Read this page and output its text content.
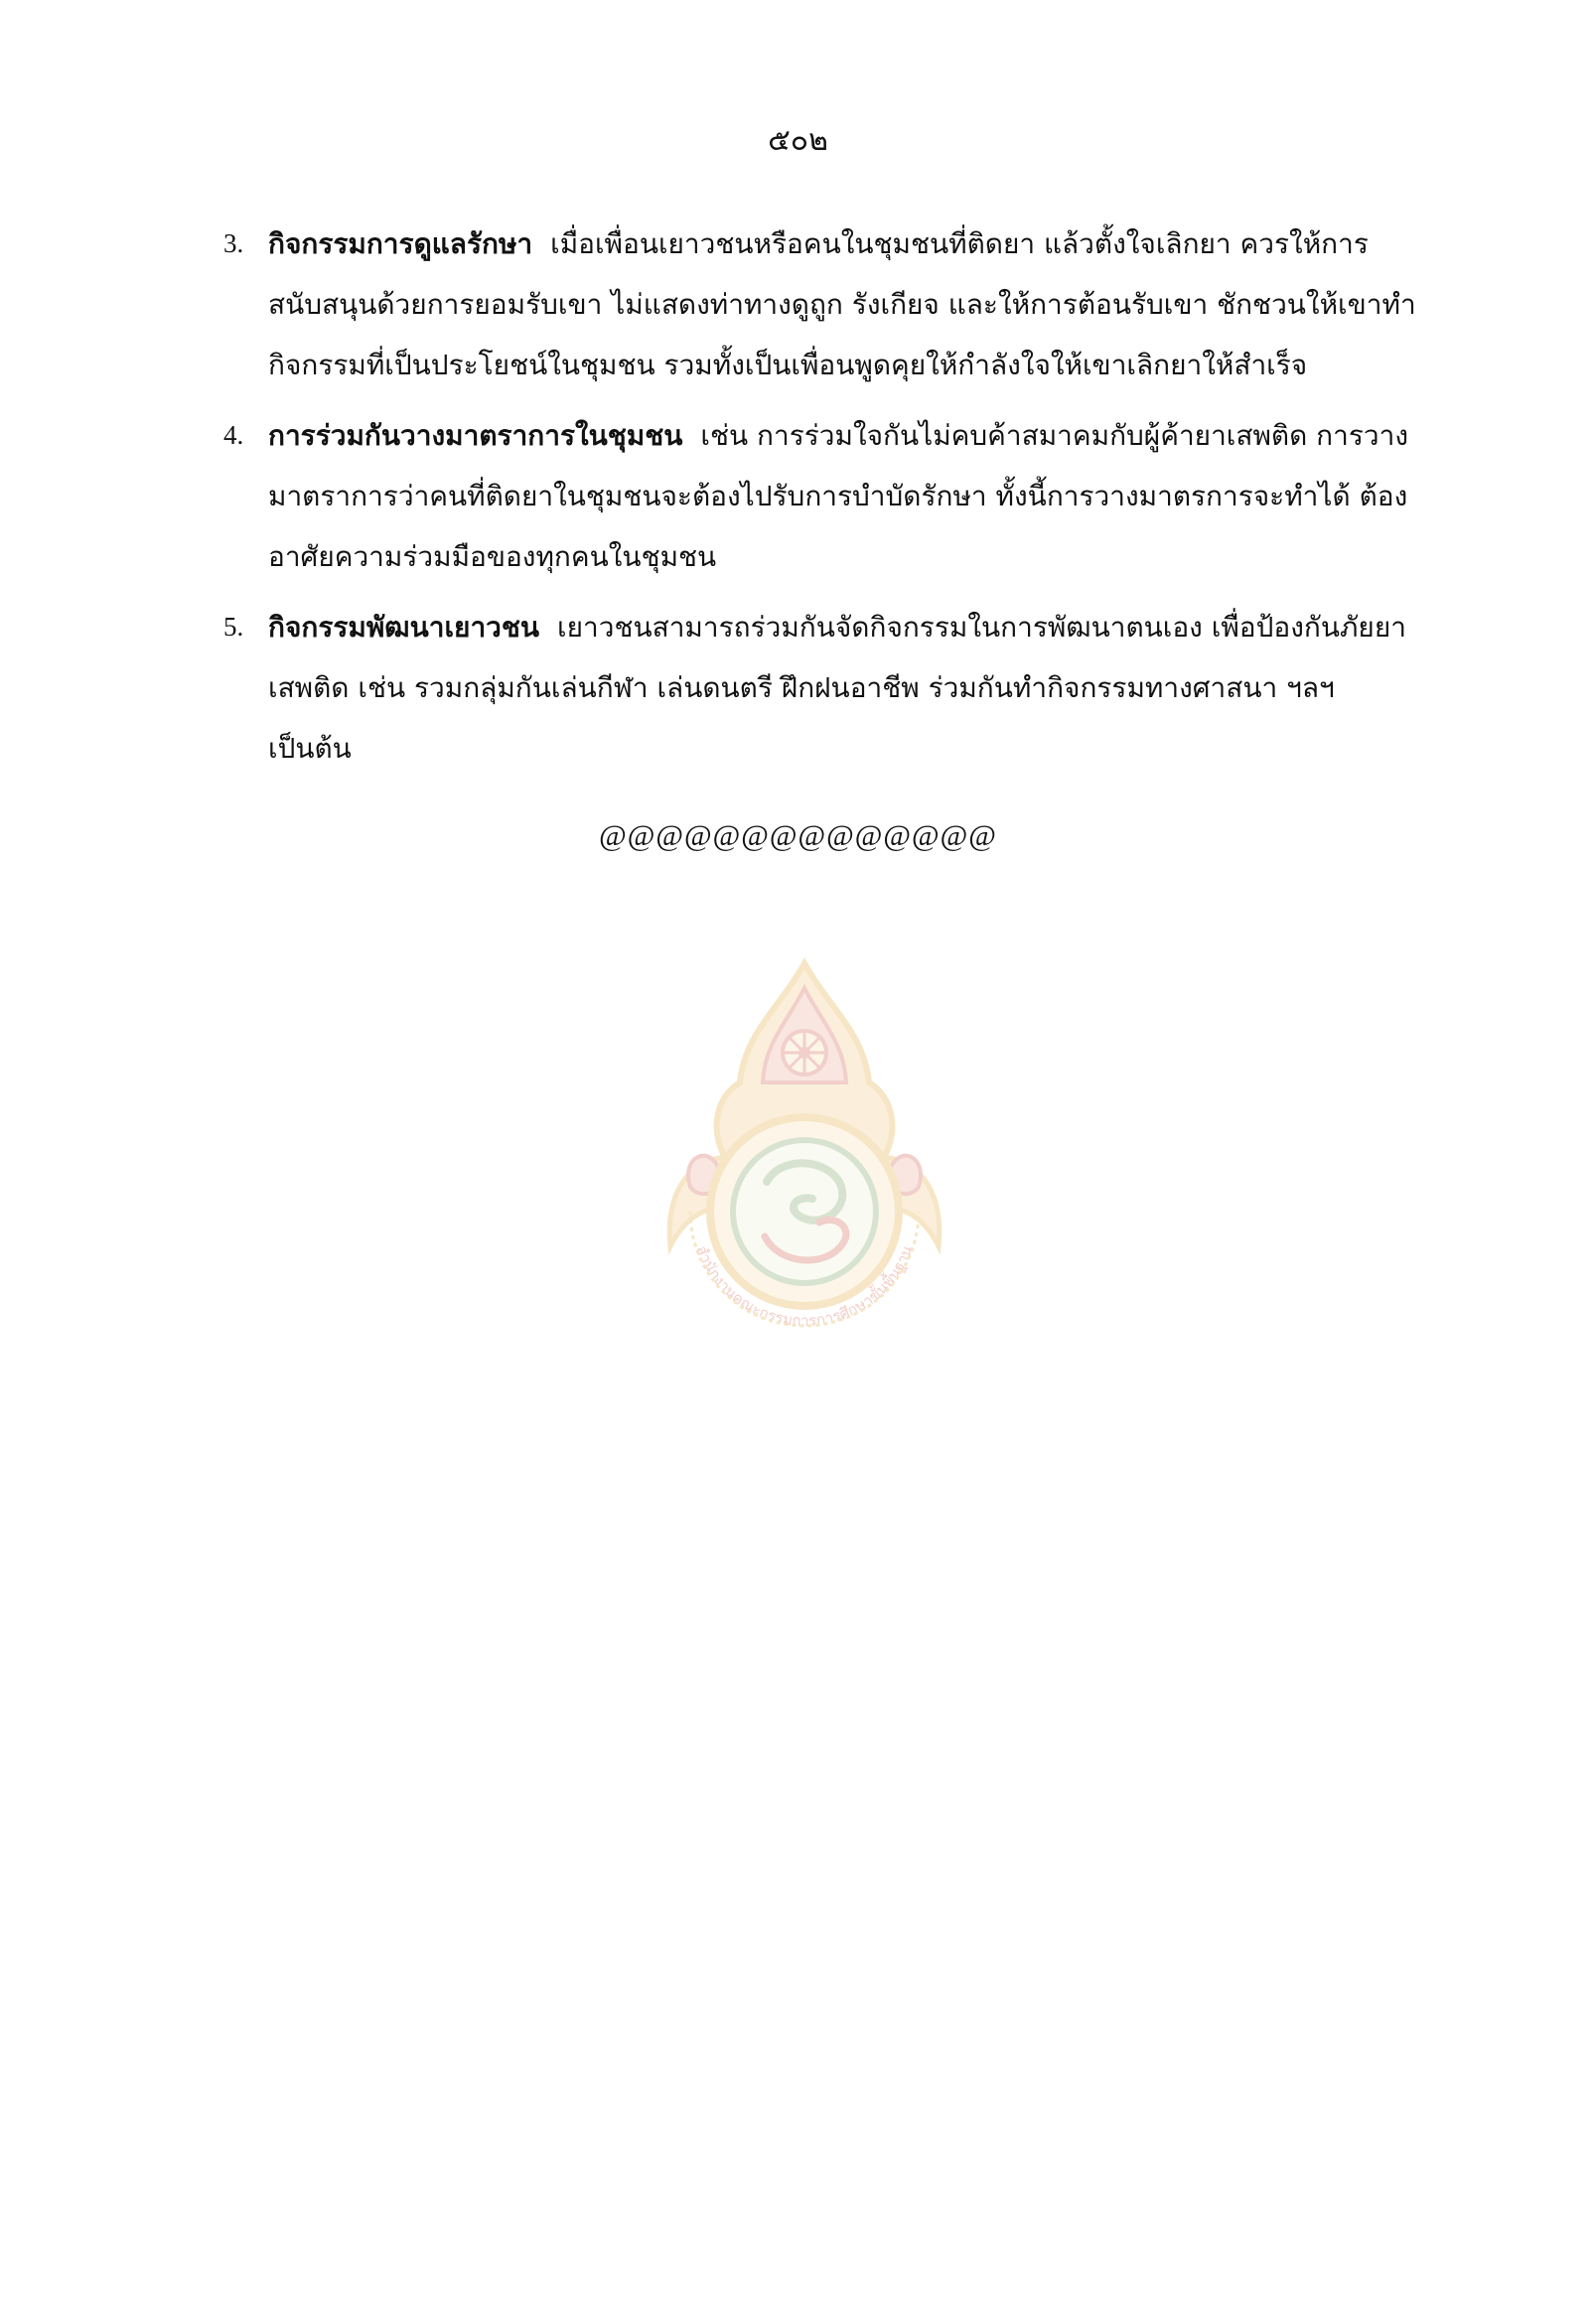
๕๐๒
3. กิจกรรมการดูแลรักษา เมื่อเพื่อนเยาวชนหรือคนในชุมชนที่ติดยา แล้วตั้งใจเลิกยา ควรให้การสนับสนุนด้วยการยอมรับเขา ไม่แสดงท่าทางดูถูก รังเกียจ และให้การต้อนรับเขา ชักชวนให้เขาทำกิจกรรมที่เป็นประโยชน์ในชุมชน รวมทั้งเป็นเพื่อนพูดคุยให้กำลังใจให้เขาเลิกยาให้สำเร็จ
4. การร่วมกันวางมาตราการในชุมชน เช่น การร่วมใจกันไม่คบค้าสมาคมกับผู้ค้ายาเสพติด การวางมาตราการว่าคนที่ติดยาในชุมชนจะต้องไปรับการบำบัดรักษา ทั้งนี้การวางมาตรการจะทำได้ ต้องอาศัยความร่วมมือของทุกคนในชุมชน
5. กิจกรรมพัฒนาเยาวชน เยาวชนสามารถร่วมกันจัดกิจกรรมในการพัฒนาตนเอง เพื่อป้องกันภัยยาเสพติด เช่น รวมกลุ่มกันเล่นกีฬา เล่นดนตรี ฝึกฝนอาชีพ ร่วมกันทำกิจกรรมทางศาสนา ฯลฯ เป็นต้น
@@@@@@@@@@@@@@
สำนักงานคณะกรรมการการศึกษาขั้นพื้นฐาน
